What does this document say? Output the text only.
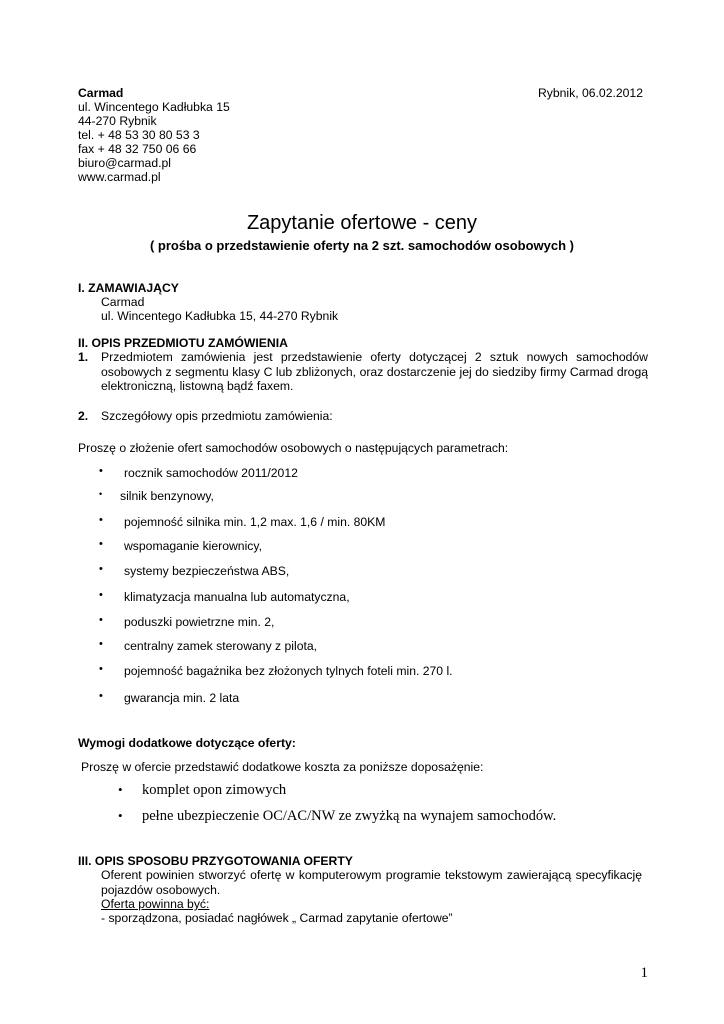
Carmad
ul. Wincentego Kadłubka 15
44-270 Rybnik
tel. + 48 53 30 80 53 3
fax + 48 32 750 06 66
biuro@carmad.pl
www.carmad.pl
Rybnik, 06.02.2012
Zapytanie ofertowe - ceny
( prośba o przedstawienie oferty na 2 szt. samochodów osobowych )
I. ZAMAWIAJĄCY
Carmad
ul. Wincentego Kadłubka 15, 44-270 Rybnik
II. OPIS PRZEDMIOTU ZAMÓWIENIA
1. Przedmiotem zamówienia jest przedstawienie oferty dotyczącej 2 sztuk nowych samochodów osobowych z segmentu klasy C lub zbliżonych, oraz dostarczenie jej do siedziby firmy Carmad drogą elektroniczną, listowną bądź faxem.
2. Szczegółowy opis przedmiotu zamówienia:
Proszę o złożenie ofert samochodów osobowych o następujących parametrach:
• rocznik samochodów 2011/2012
• silnik benzynowy,
• pojemność silnika min. 1,2 max. 1,6 / min. 80KM
• wspomaganie kierownicy,
• systemy bezpieczeństwa ABS,
• klimatyzacja manualna lub automatyczna,
• poduszki powietrzne min. 2,
• centralny zamek sterowany z pilota,
• pojemność bagażnika bez złożonych tylnych foteli min. 270 l.
• gwarancja min. 2 lata
Wymogi dodatkowe dotyczące oferty:
Proszę w ofercie przedstawić dodatkowe koszta za poniższe doposażęnie:
• komplet opon zimowych
• pełne ubezpieczenie OC/AC/NW ze zwyżką na wynajem samochodów.
III. OPIS SPOSOBU PRZYGOTOWANIA OFERTY
Oferent powinien stworzyć ofertę w komputerowym programie tekstowym zawierającą specyfikację pojazdów osobowych.
Oferta powinna być:
- sporządzona, posiadać nagłówek „ Carmad zapytanie ofertowe”
1
